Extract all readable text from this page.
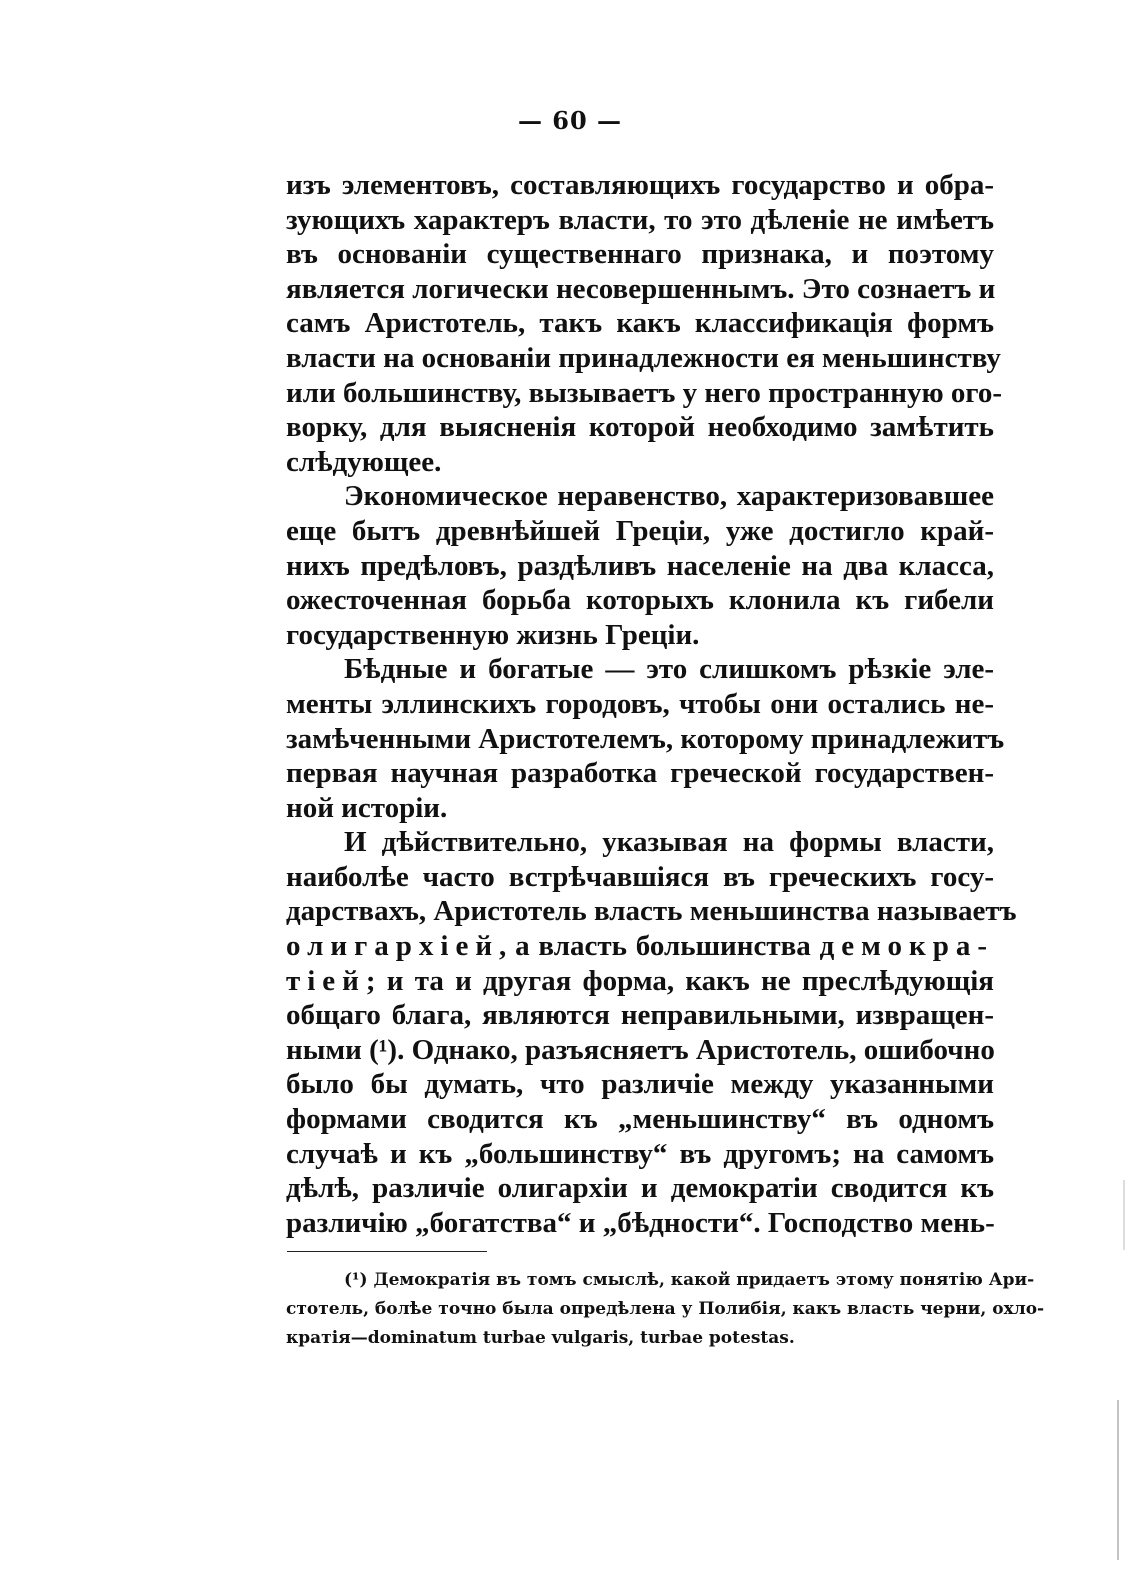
— 60 —
изъ элементовъ, составляющихъ государство и обра-
зующихъ характеръ власти, то это дѣленіе не имѣетъ
въ основаніи существеннаго признака, и поэтому
является логически несовершеннымъ. Это сознаетъ и
самъ Аристотель, такъ какъ классификація формъ
власти на основаніи принадлежности ея меньшинству
или большинству, вызываетъ у него пространную ого-
ворку, для выясненія которой необходимо замѣтить
слѣдующее.
Экономическое неравенство, характеризовавшее
еще бытъ древнѣйшей Греціи, уже достигло край-
нихъ предѣловъ, раздѣливъ населеніе на два класса,
ожесточенная борьба которыхъ клонила къ гибели
государственную жизнь Греціи.
Бѣдные и богатые — это слишкомъ рѣзкіе эле-
менты эллинскихъ городовъ, чтобы они остались не-
замѣченными Аристотелемъ, которому принадлежитъ
первая научная разработка греческой государствен-
ной исторіи.
И дѣйствительно, указывая на формы власти,
наиболѣе часто встрѣчавшіяся въ греческихъ госу-
дарствахъ, Аристотель власть меньшинства называетъ
олигархіей, а власть большинства демокра-
тіей; и та и другая форма, какъ не преслѣдующія
общаго блага, являются неправильными, извращен-
ными (¹). Однако, разъясняетъ Аристотель, ошибочно
было бы думать, что различіе между указанными
формами сводится къ „меньшинству“ въ одномъ
случаѣ и къ „большинству“ въ другомъ; на самомъ
дѣлѣ, различіе олигархіи и демократіи сводится къ
различію „богатства“ и „бѣдности“. Господство мень-
(¹) Демократія въ томъ смыслѣ, какой придаетъ этому понятію Ари-
стотель, болѣе точно была опредѣлена у Полибія, какъ власть черни, охло-
кратія—dominatum turbae vulgaris, turbae potestas.
